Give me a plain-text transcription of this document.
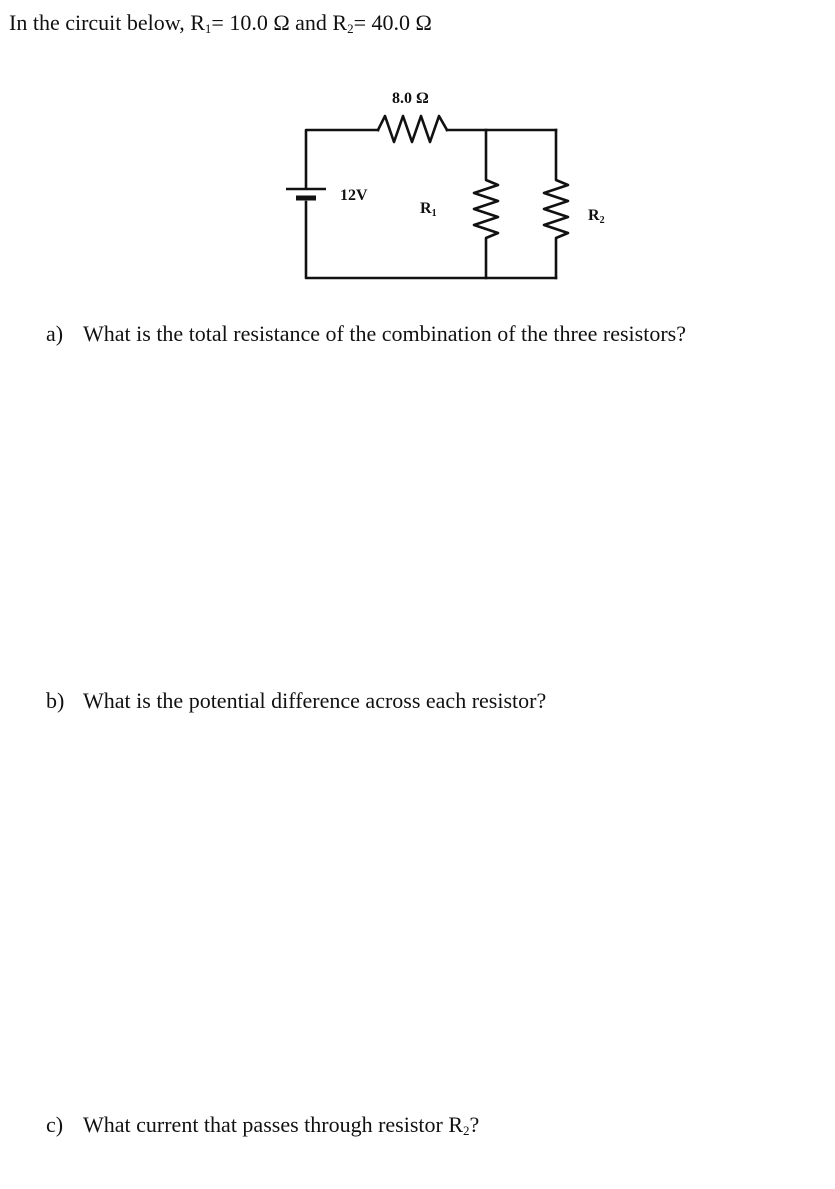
In the circuit below, $R_1= 10.0$ Ω and $R_2= 40.0$ Ω
8.0 Ω
12V
R1	R2
a) What is the total resistance of the combination of the three resistors?
b) What is the potential difference across each resistor?
c) What current that passes through resistor $R_2$?
